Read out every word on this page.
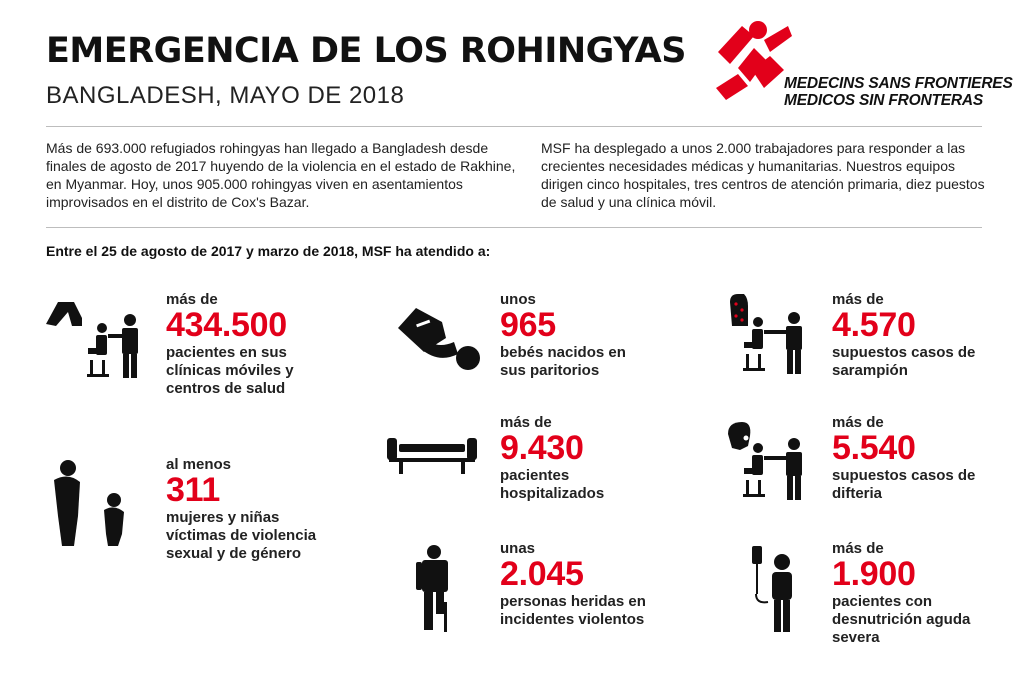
EMERGENCIA DE LOS ROHINGYAS
BANGLADESH, MAYO DE 2018	MEDECINS SANS FRONTIERES
MEDICOS SIN FRONTERAS
Más de 693.000 refugiados rohingyas han llegado a Bangladesh desde finales de agosto de 2017 huyendo de la violencia en el estado de Rakhine, en Myanmar. Hoy, unos 905.000 rohingyas viven en asentamientos improvisados en el distrito de Cox's Bazar.
MSF ha desplegado a unos 2.000 trabajadores para responder a las crecientes necesidades médicas y humanitarias. Nuestros equipos dirigen cinco hospitales, tres centros de atención primaria, diez puestos de salud y una clínica móvil.
Entre el 25 de agosto de 2017 y marzo de 2018, MSF ha atendido a:
más de
434.500
pacientes en sus clínicas móviles y centros de salud
al menos
311
mujeres y niñas víctimas de violencia sexual y de género
unos
965
bebés nacidos en sus paritorios
más de
9.430
pacientes hospitalizados
unas
2.045
personas heridas en incidentes violentos
más de
4.570
supuestos casos de sarampión
más de
5.540
supuestos casos de difteria
más de
1.900
pacientes con desnutrición aguda severa
